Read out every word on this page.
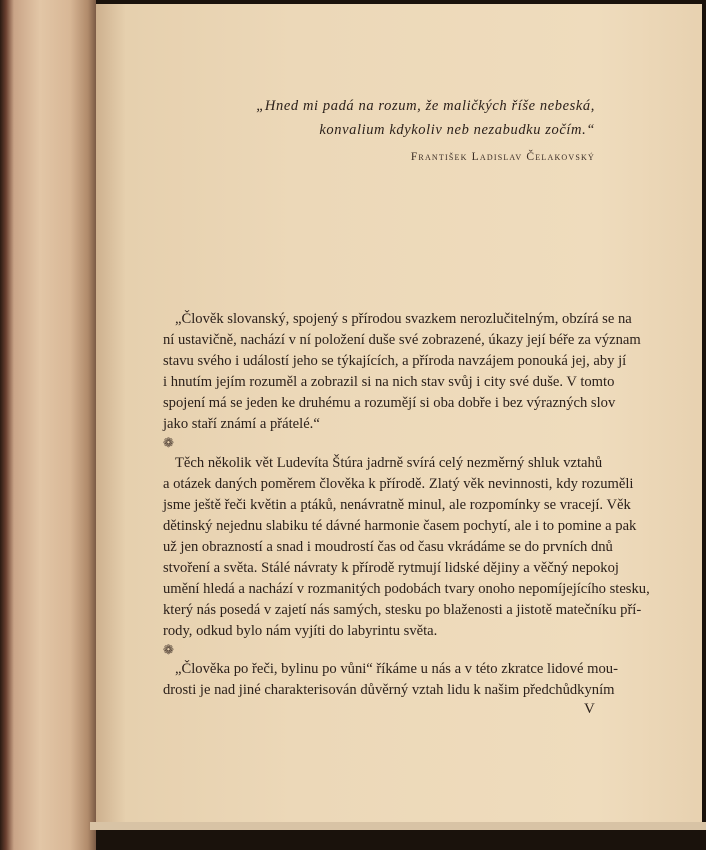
„Hned mi padá na rozum, že maličkých říše nebeská,
konvalium kdykoliv neb nezabudku zočím.“
František Ladislav Čelakovský
„Člověk slovanský, spojený s přírodou svazkem nerozlučitelným, obzírá se na
ní ustavičně, nachází v ní položení duše své zobrazené, úkazy její béře za význam
stavu svého i událostí jeho se týkajících, a příroda navzájem ponouká jej, aby jí
i hnutím jejím rozuměl a zobrazil si na nich stav svůj i city své duše. V tomto
spojení má se jeden ke druhému a rozumějí si oba dobře i bez výrazných slov
jako staří známí a přátelé.“
❁
Těch několik vět Ludevíta Štúra jadrně svírá celý nezměrný shluk vztahů
a otázek daných poměrem člověka k přírodě. Zlatý věk nevinnosti, kdy rozuměli
jsme ještě řeči květin a ptáků, nenávratně minul, ale rozpomínky se vracejí. Věk
dětinský nejednu slabiku té dávné harmonie časem pochytí, ale i to pomine a pak
už jen obrazností a snad i moudrostí čas od času vkrádáme se do prvních dnů
stvoření a světa. Stálé návraty k přírodě rytmují lidské dějiny a věčný nepokoj
umění hledá a nachází v rozmanitých podobách tvary onoho nepomíjejícího stesku,
který nás posedá v zajetí nás samých, stesku po blaženosti a jistotě matečníku pří-
rody, odkud bylo nám vyjíti do labyrintu světa.
❁
„Člověka po řeči, bylinu po vůni“ říkáme u nás a v této zkratce lidové mou-
drosti je nad jiné charakterisován důvěrný vztah lidu k našim předchůdkyním
V
